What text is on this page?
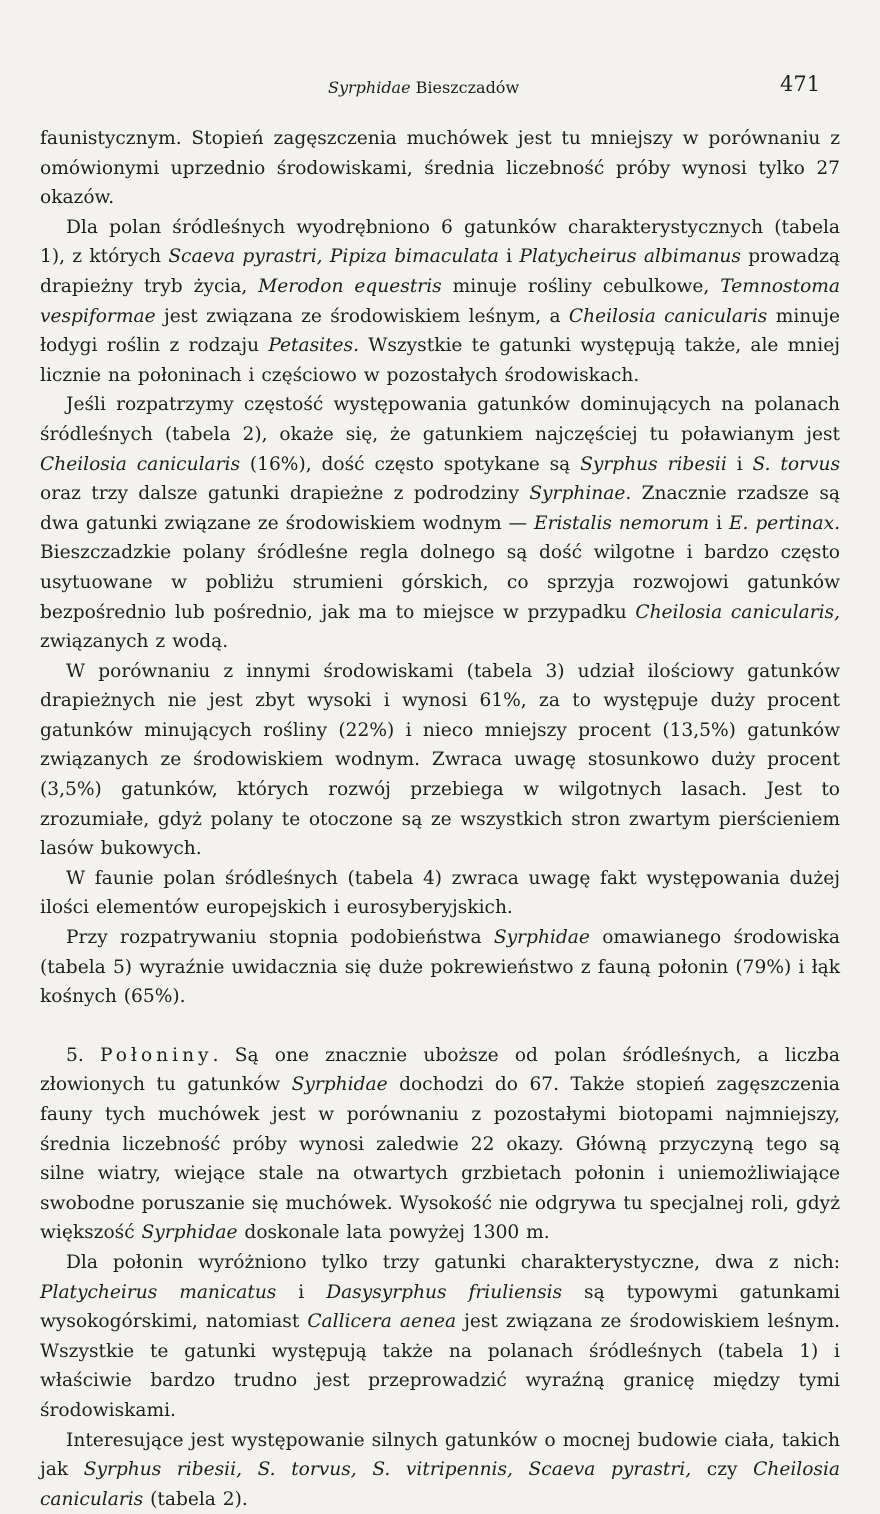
Syrphidae Bieszczadów	471

faunistycznym. Stopień zagęszczenia muchówek jest tu mniejszy w porównaniu z omówionymi uprzednio środowiskami, średnia liczebność próby wynosi tylko 27 okazów.

Dla polan śródleśnych wyodrębniono 6 gatunków charakterystycznych (tabela 1), z których Scaeva pyrastri, Pipiza bimaculata i Platycheirus albimanus prowadzą drapieżny tryb życia, Merodon equestris minuje rośliny cebulkowe, Temnostoma vespiformae jest związana ze środowiskiem leśnym, a Cheilosia canicularis minuje łodygi roślin z rodzaju Petasites. Wszystkie te gatunki występują także, ale mniej licznie na połoninach i częściowo w pozostałych środowiskach.

Jeśli rozpatrzymy częstość występowania gatunków dominujących na polanach śródleśnych (tabela 2), okaże się, że gatunkiem najczęściej tu poławianym jest Cheilosia canicularis (16%), dość często spotykane są Syrphus ribesii i S. torvus oraz trzy dalsze gatunki drapieżne z podrodziny Syrphinae. Znacznie rzadsze są dwa gatunki związane ze środowiskiem wodnym — Eristalis nemorum i E. pertinax. Bieszczadzkie polany śródleśne regla dolnego są dość wilgotne i bardzo często usytuowane w pobliżu strumieni górskich, co sprzyja rozwojowi gatunków bezpośrednio lub pośrednio, jak ma to miejsce w przypadku Cheilosia canicularis, związanych z wodą.

W porównaniu z innymi środowiskami (tabela 3) udział ilościowy gatunków drapieżnych nie jest zbyt wysoki i wynosi 61%, za to występuje duży procent gatunków minujących rośliny (22%) i nieco mniejszy procent (13,5%) gatunków związanych ze środowiskiem wodnym. Zwraca uwagę stosunkowo duży procent (3,5%) gatunków, których rozwój przebiega w wilgotnych lasach. Jest to zrozumiałe, gdyż polany te otoczone są ze wszystkich stron zwartym pierścieniem lasów bukowych.

W faunie polan śródleśnych (tabela 4) zwraca uwagę fakt występowania dużej ilości elementów europejskich i eurosyberyjskich.

Przy rozpatrywaniu stopnia podobieństwa Syrphidae omawianego środowiska (tabela 5) wyraźnie uwidacznia się duże pokrewieństwo z fauną połonin (79%) i łąk kośnych (65%).

5. Połoniny. Są one znacznie uboższe od polan śródleśnych, a liczba złowionych tu gatunków Syrphidae dochodzi do 67. Także stopień zagęszczenia fauny tych muchówek jest w porównaniu z pozostałymi biotopami najmniejszy, średnia liczebność próby wynosi zaledwie 22 okazy. Główną przyczyną tego są silne wiatry, wiejące stale na otwartych grzbietach połonin i uniemożliwiające swobodne poruszanie się muchówek. Wysokość nie odgrywa tu specjalnej roli, gdyż większość Syrphidae doskonale lata powyżej 1300 m.

Dla połonin wyróżniono tylko trzy gatunki charakterystyczne, dwa z nich: Platycheirus manicatus i Dasysyrphus friuliensis są typowymi gatunkami wysokogórskimi, natomiast Callicera aenea jest związana ze środowiskiem leśnym. Wszystkie te gatunki występują także na polanach śródleśnych (tabela 1) i właściwie bardzo trudno jest przeprowadzić wyraźną granicę między tymi środowiskami.

Interesujące jest występowanie silnych gatunków o mocnej budowie ciała, takich jak Syrphus ribesii, S. torvus, S. vitripennis, Scaeva pyrastri, czy Cheilosia canicularis (tabela 2).
